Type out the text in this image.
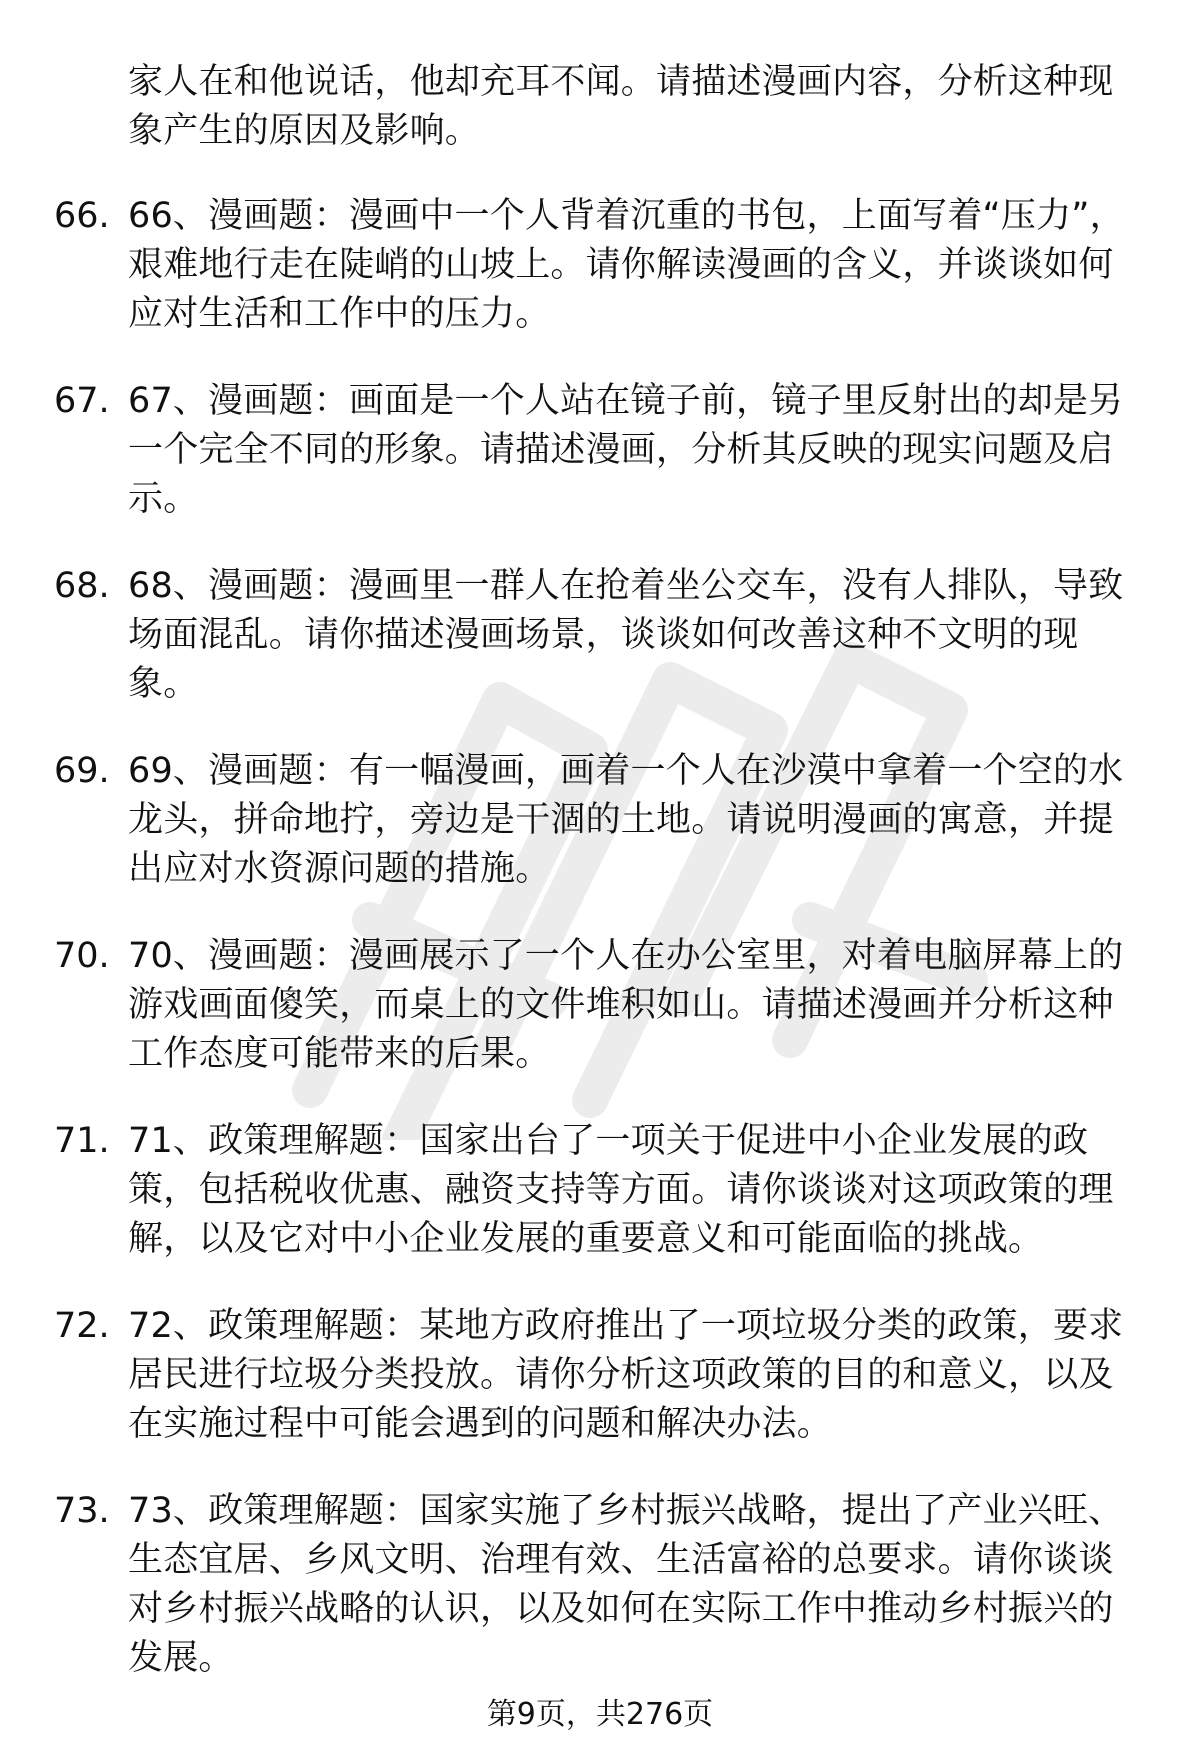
家人在和他说话，他却充耳不闻。请描述漫画内容，分析这种现象产生的原因及影响。
66. 66、漫画题：漫画中一个人背着沉重的书包，上面写着“压力”，艰难地行走在陡峭的山坡上。请你解读漫画的含义，并谈谈如何应对生活和工作中的压力。
67. 67、漫画题：画面是一个人站在镜子前，镜子里反射出的却是另一个完全不同的形象。请描述漫画，分析其反映的现实问题及启示。
68. 68、漫画题：漫画里一群人在抢着坐公交车，没有人排队，导致场面混乱。请你描述漫画场景，谈谈如何改善这种不文明的现象。
69. 69、漫画题：有一幅漫画，画着一个人在沙漠中拿着一个空的水龙头，拼命地拧，旁边是干涸的土地。请说明漫画的寓意，并提出应对水资源问题的措施。
70. 70、漫画题：漫画展示了一个人在办公室里，对着电脑屏幕上的游戏画面傻笑，而桌上的文件堆积如山。请描述漫画并分析这种工作态度可能带来的后果。
71. 71、政策理解题：国家出台了一项关于促进中小企业发展的政策，包括税收优惠、融资支持等方面。请你谈谈对这项政策的理解，以及它对中小企业发展的重要意义和可能面临的挑战。
72. 72、政策理解题：某地方政府推出了一项垃圾分类的政策，要求居民进行垃圾分类投放。请你分析这项政策的目的和意义，以及在实施过程中可能会遇到的问题和解决办法。
73. 73、政策理解题：国家实施了乡村振兴战略，提出了产业兴旺、生态宜居、乡风文明、治理有效、生活富裕的总要求。请你谈谈对乡村振兴战略的认识，以及如何在实际工作中推动乡村振兴的发展。
第9页，共276页
